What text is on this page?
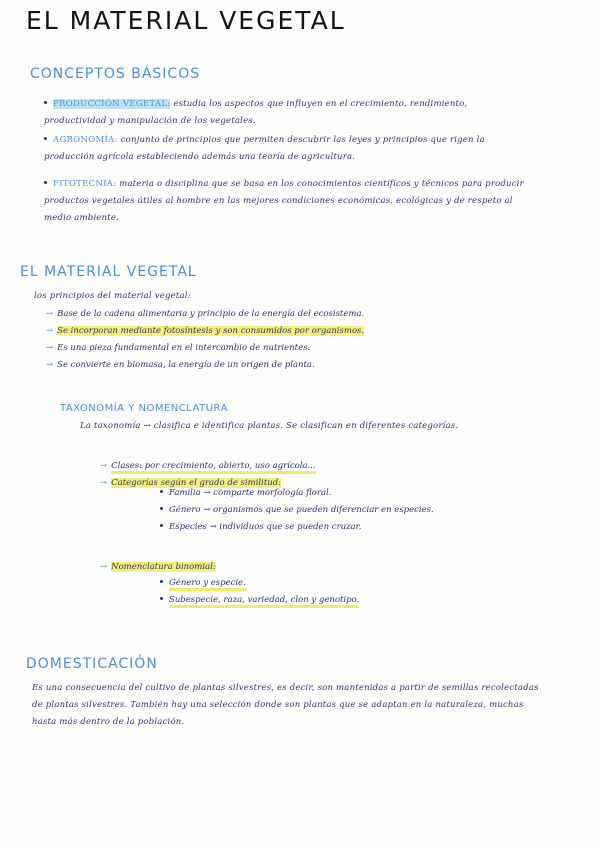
EL MATERIAL VEGETAL
CONCEPTOS BÁSICOS
PRODUCCIÓN VEGETAL: estudia los aspectos que influyen en el crecimiento, rendimiento, productividad y manipulación de los vegetales.
AGRONOMÍA: conjunto de principios que permiten descubrir las leyes y principios que rigen la producción agrícola estableciendo además una teoría de agricultura.
FITOTECNIA: materia o disciplina que se basa en los conocimientos científicos y técnicos para producir productos vegetales útiles al hombre en las mejores condiciones económicas, ecológicas y de respeto al medio ambiente.
EL MATERIAL VEGETAL
los principios del material vegetal:
→ Base de la cadena alimentaria y principio de la energía del ecosistema.
→ Se incorporan mediante fotosíntesis y son consumidos por organismos.
→ Es una pieza fundamental en el intercambio de nutrientes.
→ Se convierte en biomasa, la energía de un origen de planta.
TAXONOMÍA Y NOMENCLATURA
La taxonomía → clasifica e identifica plantas. Se clasifican en diferentes categorías.
→ Clases: por crecimiento, abierto, uso agrícola...
→ Categorías según el grado de similitud:
Familia → comparte morfología floral.
Género → organismos que se pueden diferenciar en especies.
Especies → individuos que se pueden cruzar.
→ Nomenclatura binomial:
Género y especie.
Subespecie, raza, variedad, clon y genotipo.
DOMESTICACIÓN
Es una consecuencia del cultivo de plantas silvestres, es decir, son mantenidas a partir de semillas recolectadas de plantas silvestres. También hay una selección donde son plantas que se adaptan en la naturaleza, muchas hasta más dentro de la población.
